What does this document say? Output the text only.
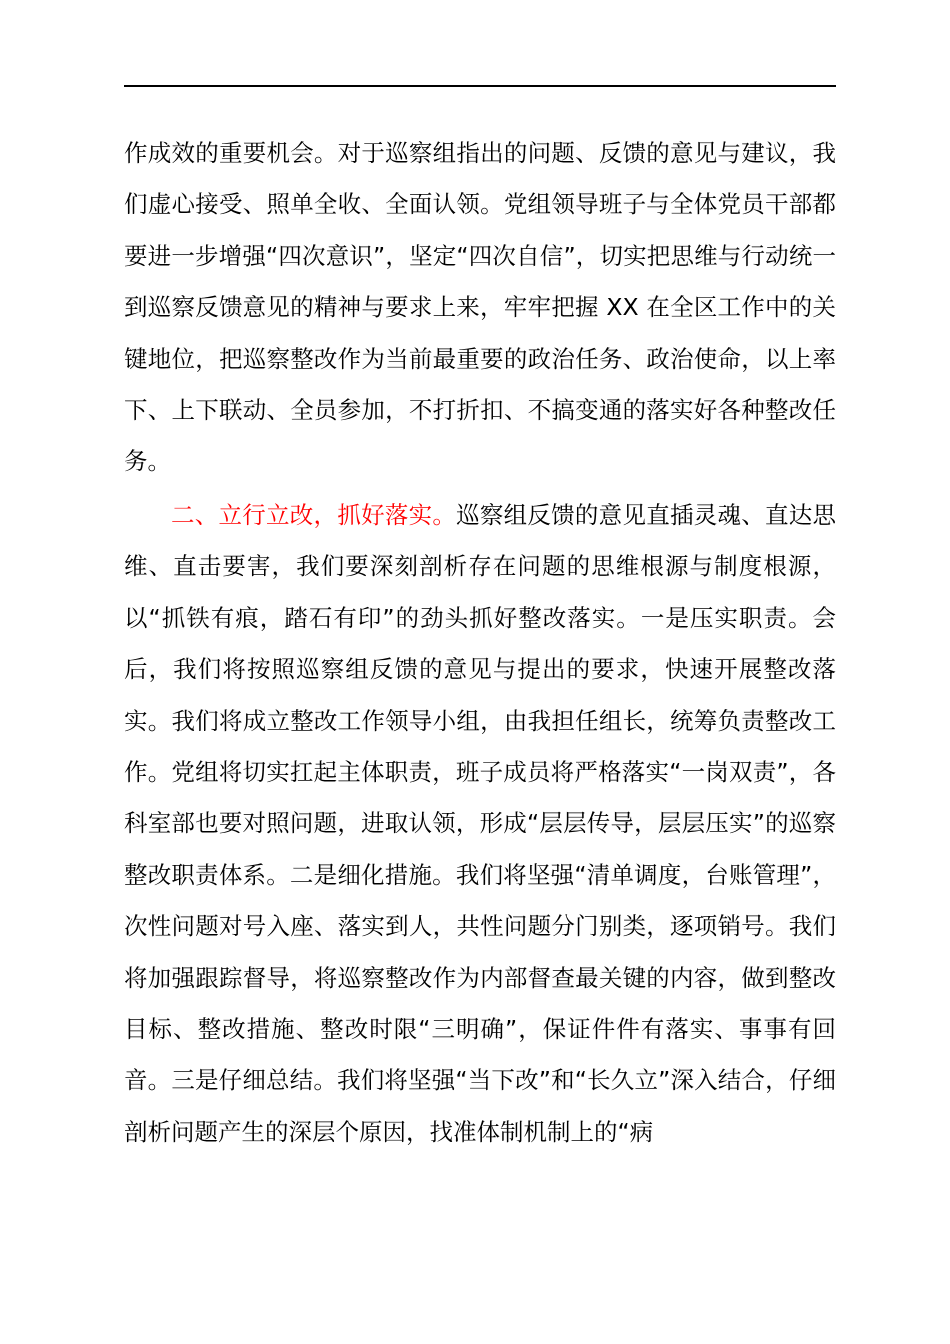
作成效的重要机会。对于巡察组指出的问题、反馈的意见与建议，我们虚心接受、照单全收、全面认领。党组领导班子与全体党员干部都要进一步增强“四次意识”，坚定“四次自信”，切实把思维与行动统一到巡察反馈意见的精神与要求上来，牢牢把握 XX 在全区工作中的关键地位，把巡察整改作为当前最重要的政治任务、政治使命，以上率下、上下联动、全员参加，不打折扣、不搞变通的落实好各种整改任务。

二、立行立改，抓好落实。巡察组反馈的意见直插灵魂、直达思维、直击要害，我们要深刻剖析存在问题的思维根源与制度根源，以“抓铁有痕，踏石有印”的劲头抓好整改落实。一是压实职责。会后，我们将按照巡察组反馈的意见与提出的要求，快速开展整改落实。我们将成立整改工作领导小组，由我担任组长，统筹负责整改工作。党组将切实扛起主体职责，班子成员将严格落实“一岗双责”，各科室部也要对照问题，进取认领，形成“层层传导，层层压实”的巡察整改职责体系。二是细化措施。我们将坚强“清单调度，台账管理”，次性问题对号入座、落实到人，共性问题分门别类，逐项销号。我们将加强跟踪督导，将巡察整改作为内部督查最关键的内容，做到整改目标、整改措施、整改时限“三明确”，保证件件有落实、事事有回音。三是仔细总结。我们将坚强“当下改”和“长久立”深入结合，仔细剖析问题产生的深层个原因，找准体制机制上的“病
